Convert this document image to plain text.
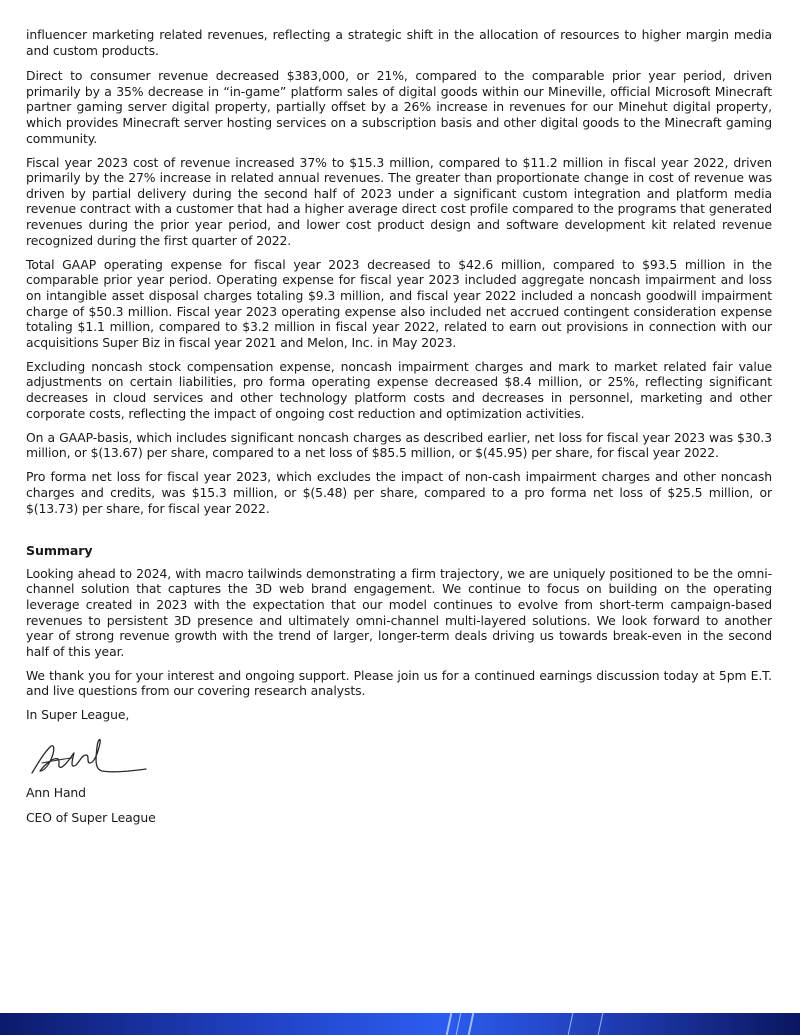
influencer marketing related revenues, reflecting a strategic shift in the allocation of resources to higher margin media and custom products.

Direct to consumer revenue decreased $383,000, or 21%, compared to the comparable prior year period, driven primarily by a 35% decrease in “in-game” platform sales of digital goods within our Mineville, official Microsoft Minecraft partner gaming server digital property, partially offset by a 26% increase in revenues for our Minehut digital property, which provides Minecraft server hosting services on a subscription basis and other digital goods to the Minecraft gaming community.

Fiscal year 2023 cost of revenue increased 37% to $15.3 million, compared to $11.2 million in fiscal year 2022, driven primarily by the 27% increase in related annual revenues. The greater than proportionate change in cost of revenue was driven by partial delivery during the second half of 2023 under a significant custom integration and platform media revenue contract with a customer that had a higher average direct cost profile compared to the programs that generated revenues during the prior year period, and lower cost product design and software development kit related revenue recognized during the first quarter of 2022.

Total GAAP operating expense for fiscal year 2023 decreased to $42.6 million, compared to $93.5 million in the comparable prior year period. Operating expense for fiscal year 2023 included aggregate noncash impairment and loss on intangible asset disposal charges totaling $9.3 million, and fiscal year 2022 included a noncash goodwill impairment charge of $50.3 million. Fiscal year 2023 operating expense also included net accrued contingent consideration expense totaling $1.1 million, compared to $3.2 million in fiscal year 2022, related to earn out provisions in connection with our acquisitions Super Biz in fiscal year 2021 and Melon, Inc. in May 2023.

Excluding noncash stock compensation expense, noncash impairment charges and mark to market related fair value adjustments on certain liabilities, pro forma operating expense decreased $8.4 million, or 25%, reflecting significant decreases in cloud services and other technology platform costs and decreases in personnel, marketing and other corporate costs, reflecting the impact of ongoing cost reduction and optimization activities.

On a GAAP-basis, which includes significant noncash charges as described earlier, net loss for fiscal year 2023 was $30.3 million, or $(13.67) per share, compared to a net loss of $85.5 million, or $(45.95) per share, for fiscal year 2022.

Pro forma net loss for fiscal year 2023, which excludes the impact of non-cash impairment charges and other noncash charges and credits, was $15.3 million, or $(5.48) per share, compared to a pro forma net loss of $25.5 million, or $(13.73) per share, for fiscal year 2022.

Summary

Looking ahead to 2024, with macro tailwinds demonstrating a firm trajectory, we are uniquely positioned to be the omni-channel solution that captures the 3D web brand engagement. We continue to focus on building on the operating leverage created in 2023 with the expectation that our model continues to evolve from short-term campaign-based revenues to persistent 3D presence and ultimately omni-channel multi-layered solutions. We look forward to another year of strong revenue growth with the trend of larger, longer-term deals driving us towards break-even in the second half of this year.

We thank you for your interest and ongoing support. Please join us for a continued earnings discussion today at 5pm E.T. and live questions from our covering research analysts.

In Super League,

Ann Hand

CEO of Super League
